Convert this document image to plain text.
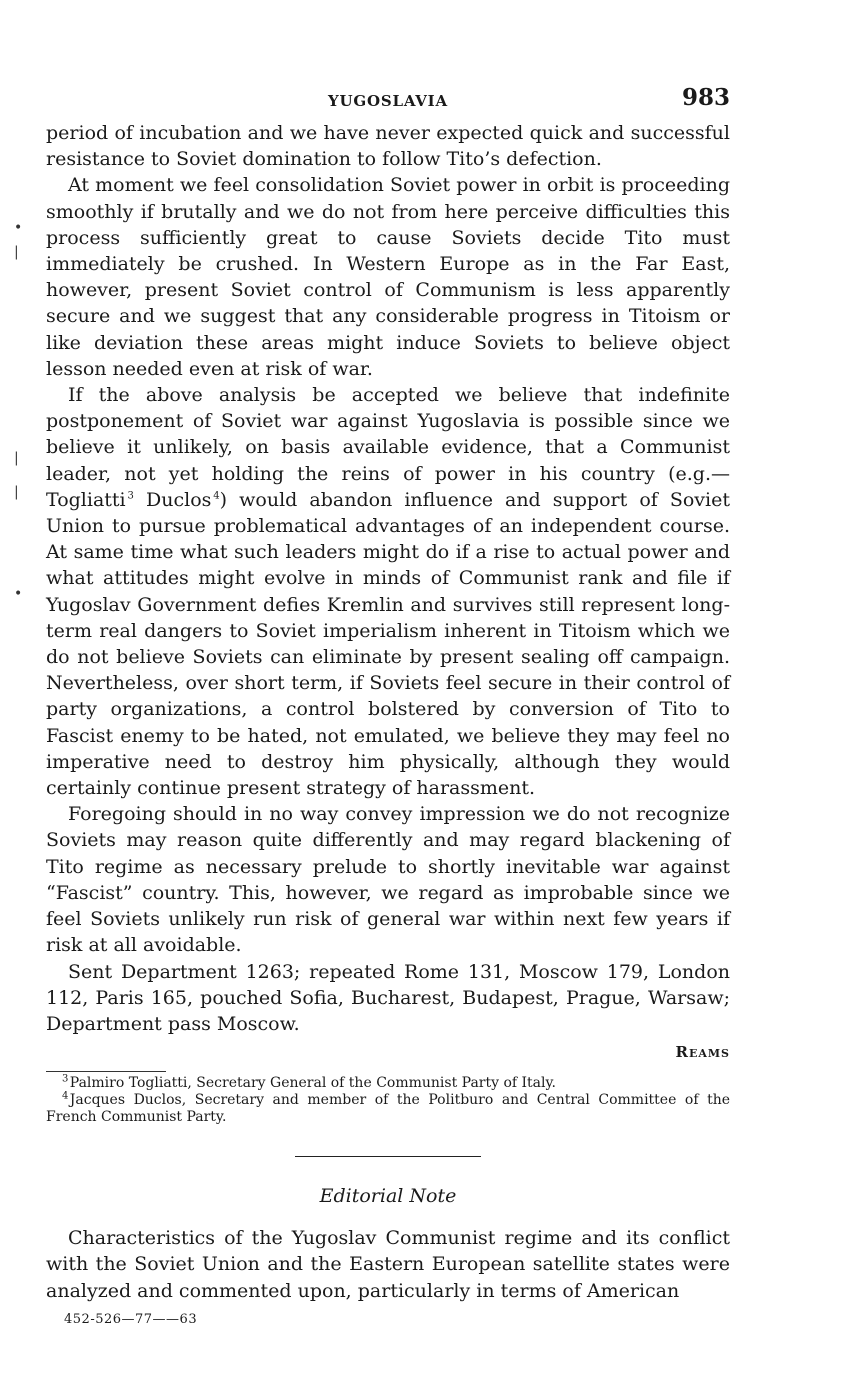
•
|
|
|
•
YUGOSLAVIA	983

period of incubation and we have never expected quick and successful resistance to Soviet domination to follow Tito’s defection.

At moment we feel consolidation Soviet power in orbit is proceeding smoothly if brutally and we do not from here perceive difficulties this process sufficiently great to cause Soviets decide Tito must immediately be crushed. In Western Europe as in the Far East, however, present Soviet control of Communism is less apparently secure and we suggest that any considerable progress in Titoism or like deviation these areas might induce Soviets to believe object lesson needed even at risk of war.

If the above analysis be accepted we believe that indefinite postponement of Soviet war against Yugoslavia is possible since we believe it unlikely, on basis available evidence, that a Communist leader, not yet holding the reins of power in his country (e.g.—Togliatti  $^3$ Duclos  $^4$) would abandon influence and support of Soviet Union to pursue problematical advantages of an independent course. At same time what such leaders might do if a rise to actual power and what attitudes might evolve in minds of Communist rank and file if Yugoslav Government defies Kremlin and survives still represent long-term real dangers to Soviet imperialism inherent in Titoism which we do not believe Soviets can eliminate by present sealing off campaign. Nevertheless, over short term, if Soviets feel secure in their control of party organizations, a control bolstered by conversion of Tito to Fascist enemy to be hated, not emulated, we believe they may feel no imperative need to destroy him physically, although they would certainly continue present strategy of harassment.

Foregoing should in no way convey impression we do not recognize Soviets may reason quite differently and may regard blackening of Tito regime as necessary prelude to shortly inevitable war against “Fascist” country. This, however, we regard as improbable since we feel Soviets unlikely run risk of general war within next few years if risk at all avoidable.

Sent Department 1263; repeated Rome 131, Moscow 179, London 112, Paris 165, pouched Sofia, Bucharest, Budapest, Prague, Warsaw; Department pass Moscow.

Reams

$^3$ Palmiro Togliatti, Secretary General of the Communist Party of Italy.

$^4$ Jacques Duclos, Secretary and member of the Politburo and Central Committee of the French Communist Party.

Editorial Note

Characteristics of the Yugoslav Communist regime and its conflict with the Soviet Union and the Eastern European satellite states were analyzed and commented upon, particularly in terms of American

452-526—77——63
